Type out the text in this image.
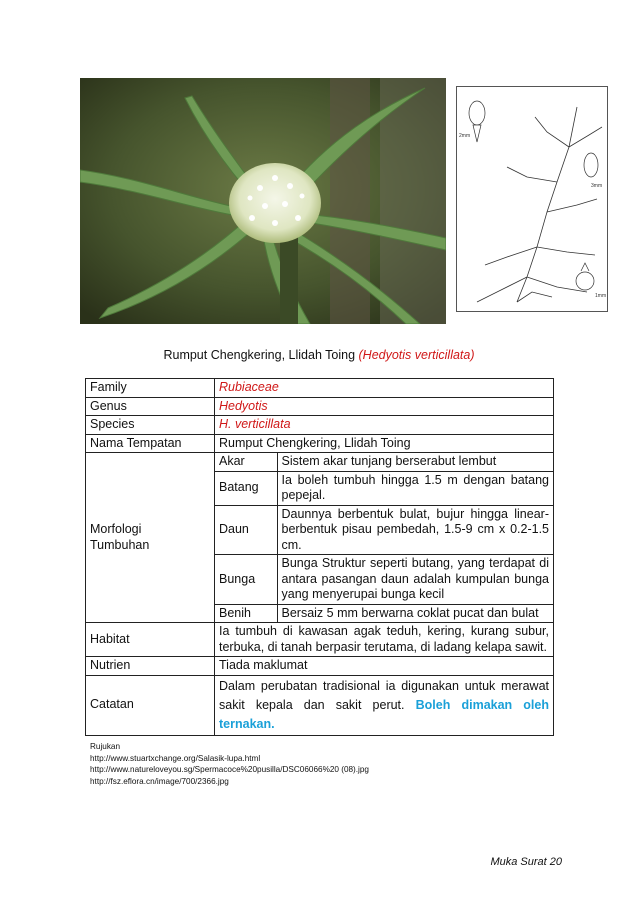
2mm
3mm
1mm
Rumput Chengkering, Llidah Toing (Hedyotis verticillata)
Family	Rubiaceae
Genus	Hedyotis
Species	H. verticillata
Nama Tempatan	Rumput Chengkering, Llidah Toing

Morfologi
Tumbuhan

Akar	Sistem akar tunjang berserabut lembut
Batang	Ia boleh tumbuh hingga 1.5 m dengan batang pepejal.
Daun	Daunnya berbentuk bulat, bujur hingga linear-berbentuk pisau pembedah, 1.5-9 cm x 0.2-1.5 cm.
Bunga	Bunga Struktur seperti butang, yang terdapat di antara pasangan daun adalah kumpulan bunga yang menyerupai bunga kecil
Benih	Bersaiz 5 mm berwarna coklat pucat dan bulat

Habitat	Ia tumbuh di kawasan agak teduh, kering, kurang subur, terbuka, di tanah berpasir terutama, di ladang kelapa sawit.
Nutrien	Tiada maklumat
Catatan	Dalam perubatan tradisional ia digunakan untuk merawat sakit kepala dan sakit perut. Boleh dimakan oleh ternakan.
Rujukan
http://www.stuartxchange.org/Salasik-lupa.html
http://www.natureloveyou.sg/Spermacoce%20pusilla/DSC06066%20 (08).jpg
http://fsz.eflora.cn/image/700/2366.jpg
Muka Surat 20
